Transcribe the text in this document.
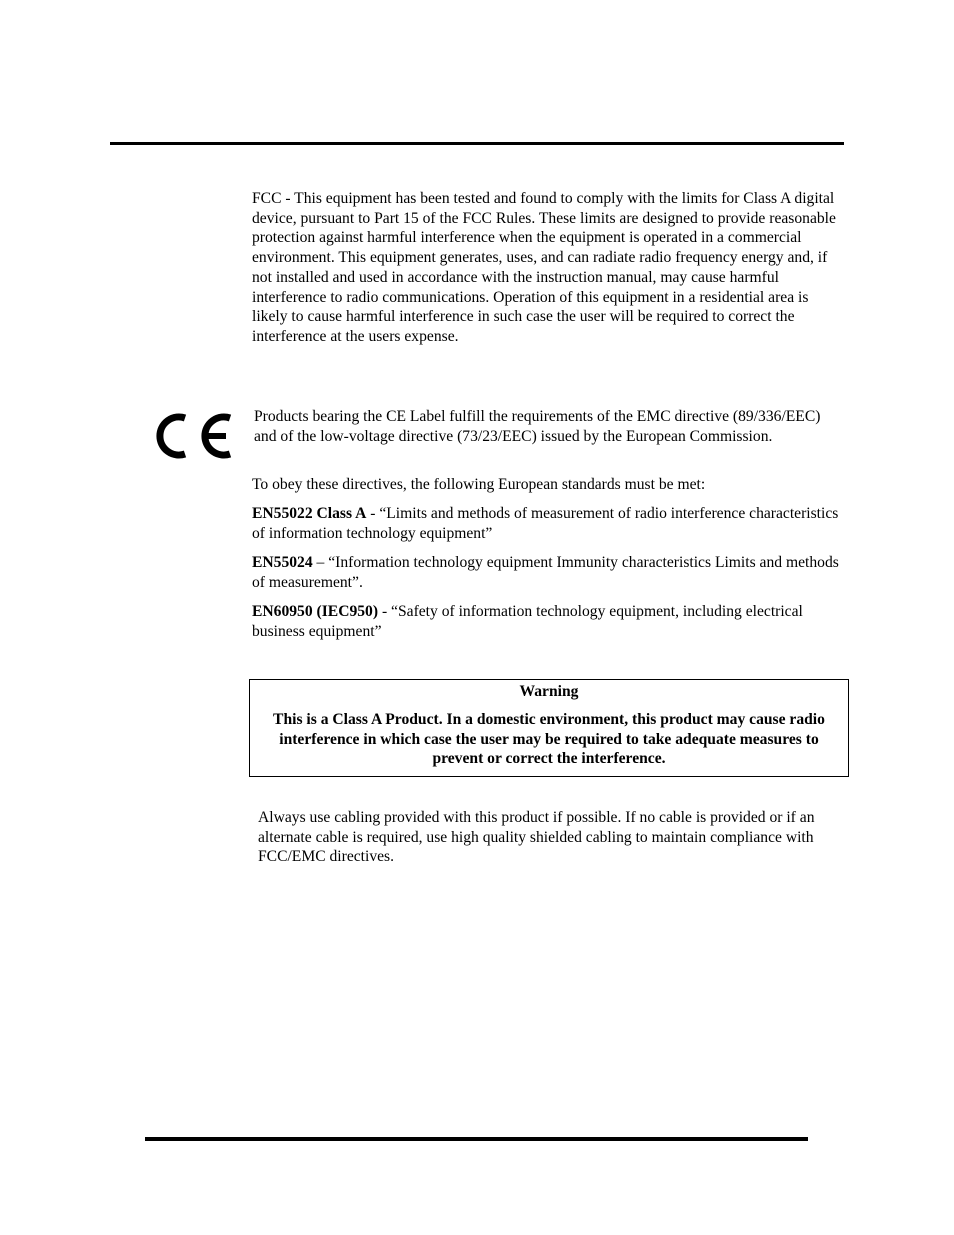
FCC - This equipment has been tested and found to comply with the limits for Class A digital device, pursuant to Part 15 of the FCC Rules. These limits are designed to provide reasonable protection against harmful interference when the equipment is operated in a commercial environment. This equipment generates, uses, and can radiate radio frequency energy and, if not installed and used in accordance with the instruction manual, may cause harmful interference to radio communications. Operation of this equipment in a residential area is likely to cause harmful interference in such case the user will be required to correct the interference at the users expense.

Products bearing the CE Label fulfill the requirements of the EMC directive (89/336/EEC) and of the low-voltage directive (73/23/EEC) issued by the European Commission.

To obey these directives, the following European standards must be met:

EN55022 Class A - “Limits and methods of measurement of radio interference characteristics of information technology equipment”

EN55024 – “Information technology equipment Immunity characteristics Limits and methods of measurement”.

EN60950 (IEC950) - “Safety of information technology equipment, including electrical business equipment”

Warning
This is a Class A Product. In a domestic environment, this product may cause radio interference in which case the user may be required to take adequate measures to prevent or correct the interference.

Always use cabling provided with this product if possible. If no cable is provided or if an alternate cable is required, use high quality shielded cabling to maintain compliance with FCC/EMC directives.
